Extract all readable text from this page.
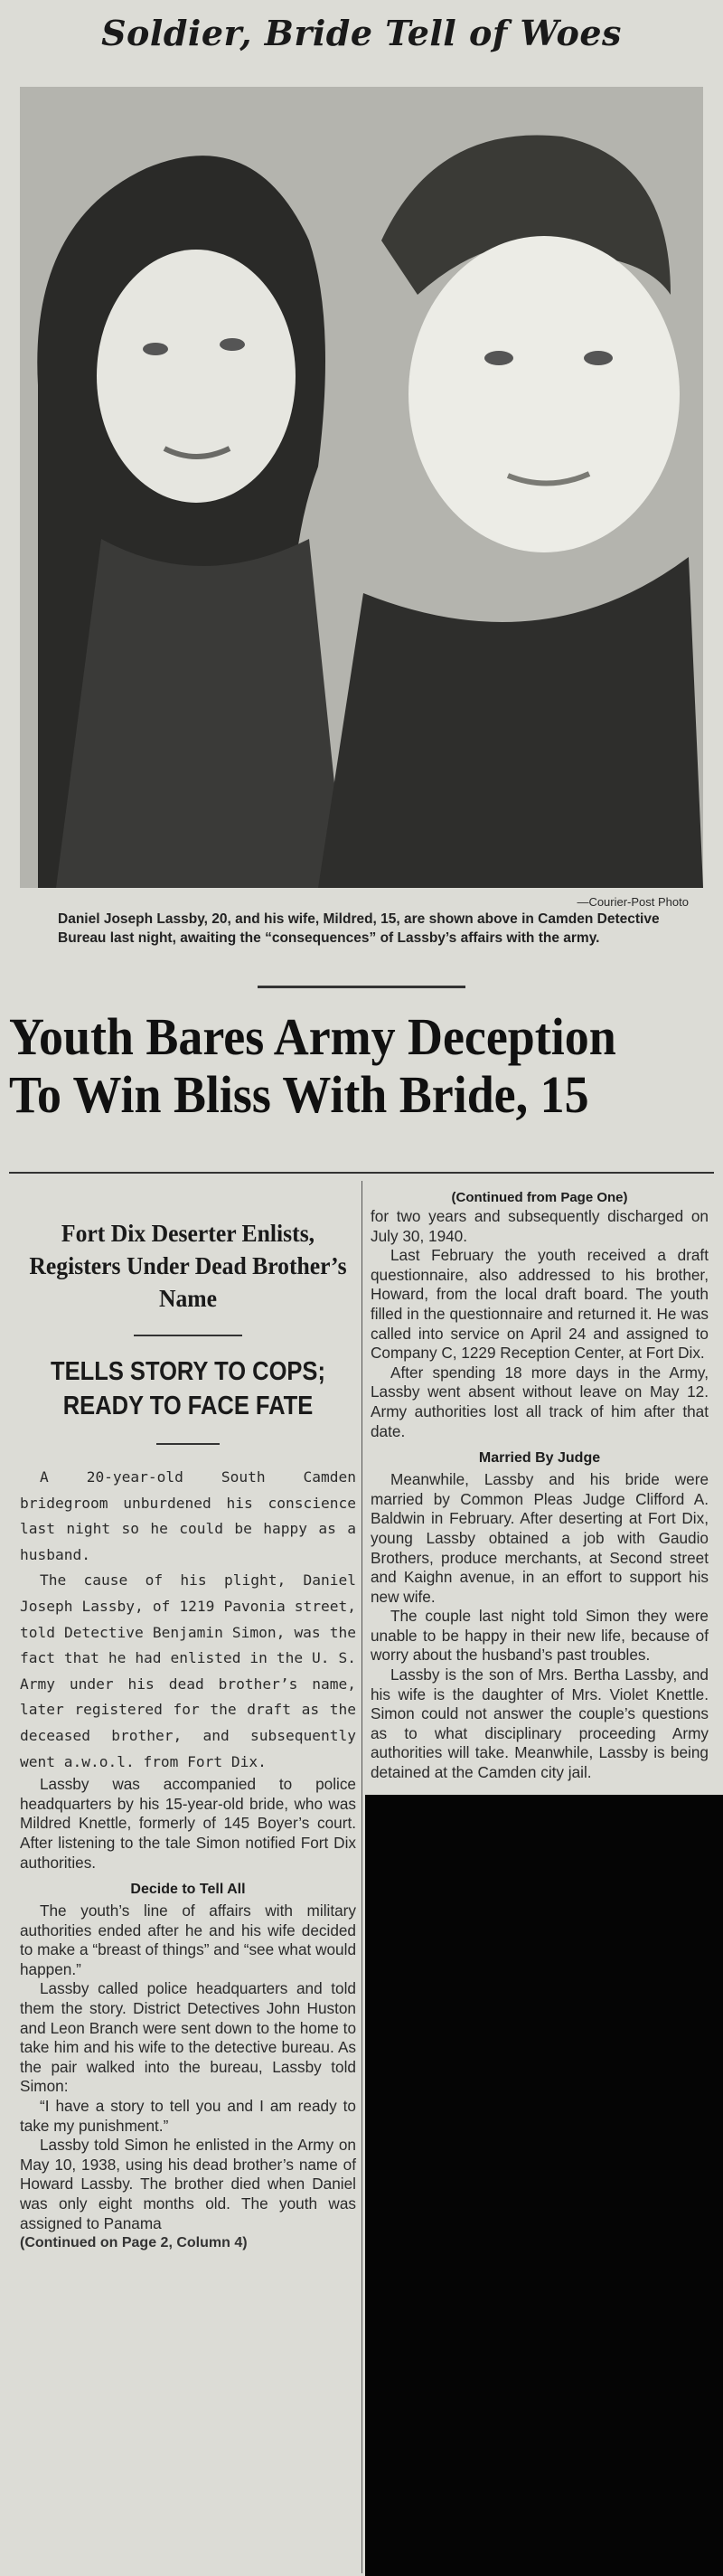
Soldier, Bride Tell of Woes
—Courier-Post Photo
Daniel Joseph Lassby, 20, and his wife, Mildred, 15, are shown above in Camden Detective Bureau last night, awaiting the “consequences” of Lassby’s affairs with the army.
Youth Bares Army Deception
To Win Bliss With Bride, 15
Fort Dix Deserter Enlists, Registers Under Dead Brother’s Name
TELLS STORY TO COPS; READY TO FACE FATE

A 20-year-old South Camden bridegroom unburdened his conscience last night so he could be happy as a husband.

The cause of his plight, Daniel Joseph Lassby, of 1219 Pavonia street, told Detective Benjamin Simon, was the fact that he had enlisted in the U. S. Army under his dead brother’s name, later registered for the draft as the deceased brother, and subsequently went a.w.o.l. from Fort Dix.

Lassby was accompanied to police headquarters by his 15-year-old bride, who was Mildred Knettle, formerly of 145 Boyer’s court. After listening to the tale Simon notified Fort Dix authorities.

Decide to Tell All

The youth’s line of affairs with military authorities ended after he and his wife decided to make a “breast of things” and “see what would happen.”

Lassby called police headquarters and told them the story. District Detectives John Huston and Leon Branch were sent down to the home to take him and his wife to the detective bureau. As the pair walked into the bureau, Lassby told Simon:

“I have a story to tell you and I am ready to take my punishment.”

Lassby told Simon he enlisted in the Army on May 10, 1938, using his dead brother’s name of Howard Lassby. The brother died when Daniel was only eight months old. The youth was assigned to Panama

(Continued on Page 2, Column 4)
(Continued from Page One)

for two years and subsequently discharged on July 30, 1940.

Last February the youth received a draft questionnaire, also addressed to his brother, Howard, from the local draft board. The youth filled in the questionnaire and returned it. He was called into service on April 24 and assigned to Company C, 1229 Reception Center, at Fort Dix.

After spending 18 more days in the Army, Lassby went absent without leave on May 12. Army authorities lost all track of him after that date.

Married By Judge

Meanwhile, Lassby and his bride were married by Common Pleas Judge Clifford A. Baldwin in February. After deserting at Fort Dix, young Lassby obtained a job with Gaudio Brothers, produce merchants, at Second street and Kaighn avenue, in an effort to support his new wife.

The couple last night told Simon they were unable to be happy in their new life, because of worry about the husband’s past troubles.

Lassby is the son of Mrs. Bertha Lassby, and his wife is the daughter of Mrs. Violet Knettle. Simon could not answer the couple’s questions as to what disciplinary proceeding Army authorities will take. Meanwhile, Lassby is being detained at the Camden city jail.
